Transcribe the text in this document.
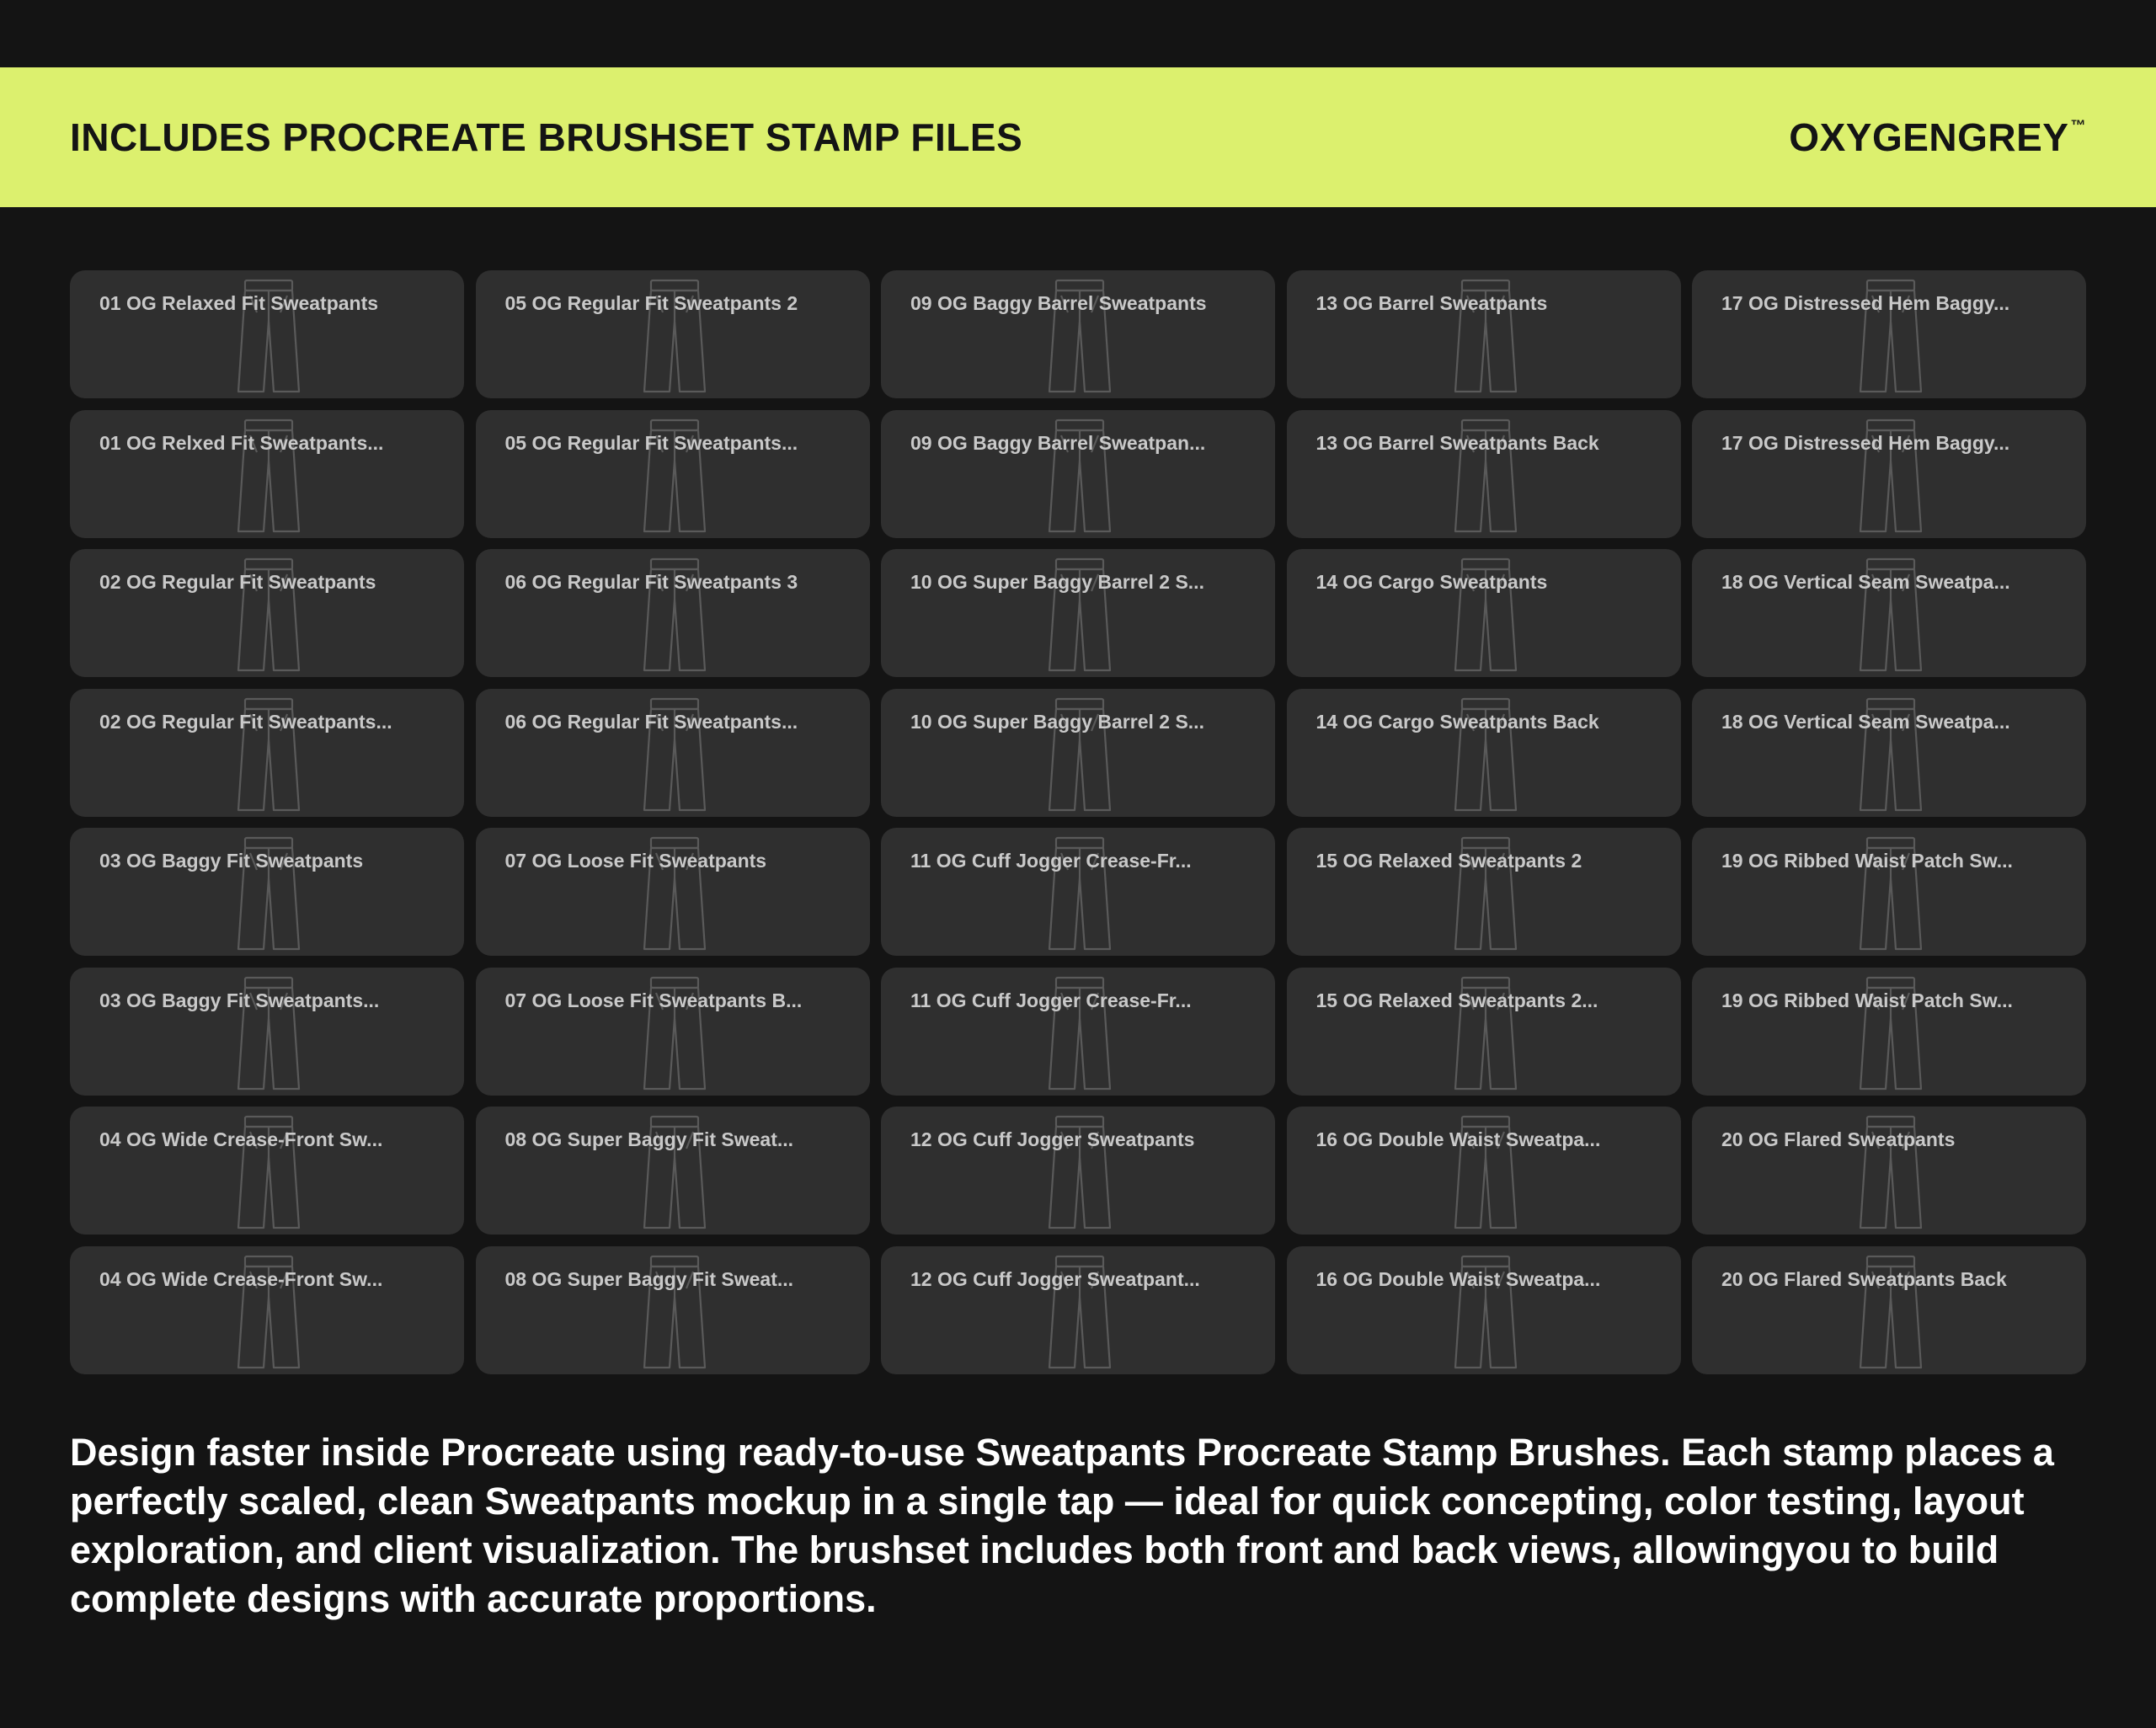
INCLUDES PROCREATE BRUSHSET STAMP FILES	OXYGENGREY ™
01 OG Relaxed Fit Sweatpants	05 OG Regular Fit Sweatpants 2	09 OG Baggy Barrel Sweatpants	13 OG Barrel Sweatpants	17 OG Distressed Hem Baggy...
01 OG Relxed Fit Sweatpants...	05 OG Regular Fit Sweatpants...	09 OG Baggy Barrel Sweatpan...	13 OG Barrel Sweatpants Back	17 OG Distressed Hem Baggy...
02 OG Regular Fit Sweatpants	06 OG Regular Fit Sweatpants 3	10 OG Super Baggy Barrel 2 S...	14 OG Cargo Sweatpants	18 OG Vertical Seam Sweatpa...
02 OG Regular Fit Sweatpants...	06 OG Regular Fit Sweatpants...	10 OG Super Baggy Barrel 2 S...	14 OG Cargo Sweatpants Back	18 OG Vertical Seam Sweatpa...
03 OG Baggy Fit Sweatpants	07 OG Loose Fit Sweatpants	11 OG Cuff Jogger Crease-Fr...	15 OG Relaxed Sweatpants 2	19 OG Ribbed Waist Patch Sw...
03 OG Baggy Fit Sweatpants...	07 OG Loose Fit Sweatpants B...	11 OG Cuff Jogger Crease-Fr...	15 OG Relaxed Sweatpants 2...	19 OG Ribbed Waist Patch Sw...
04 OG Wide Crease-Front Sw...	08 OG Super Baggy Fit Sweat...	12 OG Cuff Jogger Sweatpants	16 OG Double Waist Sweatpa...	20 OG Flared Sweatpants
04 OG Wide Crease-Front Sw...	08 OG Super Baggy Fit Sweat...	12 OG Cuff Jogger Sweatpant...	16 OG Double Waist Sweatpa...	20 OG Flared Sweatpants Back

Design faster inside Procreate using ready-to-use Sweatpants Procreate Stamp Brushes. Each stamp places a perfectly scaled, clean Sweatpants mockup in a single tap — ideal for quick concepting, color testing, layout exploration, and client visualization. The brushset includes both front and back views, allowingyou to build complete designs with accurate proportions.
